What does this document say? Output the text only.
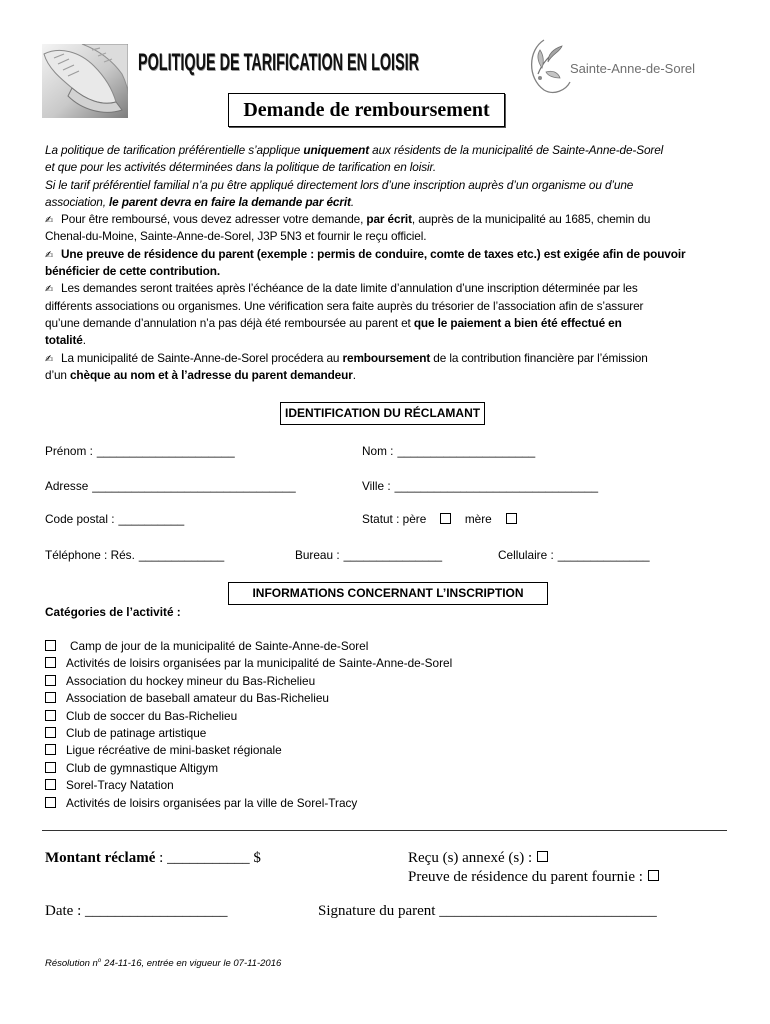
POLITIQUE DE TARIFICATION EN LOISIR	Sainte-Anne-de-Sorel
Demande de remboursement
La politique de tarification préférentielle s’applique uniquement aux résidents de la municipalité de Sainte-Anne-de-Sorel
et que pour les activités déterminées dans la politique de tarification en loisir.
Si le tarif préférentiel familial n’a pu être appliqué directement lors d’une inscription auprès d’un organisme ou d’une
association, le parent devra en faire la demande par écrit.
✍Pour être remboursé, vous devez adresser votre demande, par écrit, auprès de la municipalité au 1685, chemin du
Chenal-du-Moine, Sainte-Anne-de-Sorel, J3P 5N3 et fournir le reçu officiel.
✍Une preuve de résidence du parent (exemple : permis de conduire, comte de taxes etc.) est exigée afin de pouvoir
bénéficier de cette contribution.
✍Les demandes seront traitées après l’échéance de la date limite d’annulation d’une inscription déterminée par les
différents associations ou organismes. Une vérification sera faite auprès du trésorier de l’association afin de s’assurer
qu’une demande d’annulation n’a pas déjà été remboursée au parent et que le paiement a bien été effectué en
totalité.
✍La municipalité de Sainte-Anne-de-Sorel procédera au remboursement de la contribution financière par l’émission
d’un chèque au nom et à l’adresse du parent demandeur.
IDENTIFICATION DU RÉCLAMANT
Prénom : _____________________	Nom : _____________________
Adresse _______________________________	Ville : _______________________________
Code postal : __________	Statut : père	mère
Téléphone : Rés. _____________	Bureau : _______________	Cellulaire : ______________
INFORMATIONS CONCERNANT L’INSCRIPTION
Catégories de l’activité :
Camp de jour de la municipalité de Sainte-Anne-de-Sorel
Activités de loisirs organisées par la municipalité de Sainte-Anne-de-Sorel
Association du hockey mineur du Bas-Richelieu
Association de baseball amateur du Bas-Richelieu
Club de soccer du Bas-Richelieu
Club de patinage artistique
Ligue récréative de mini-basket régionale
Club de gymnastique Altigym
Sorel-Tracy Natation
Activités de loisirs organisées par la ville de Sorel-Tracy
Montant réclamé : ___________ $	Reçu (s) annexé (s) :
Preuve de résidence du parent fournie :
Date : ___________________	Signature du parent _____________________________
Résolution $n^o$ 24-11-16, entrée en vigueur le 07-11-2016
